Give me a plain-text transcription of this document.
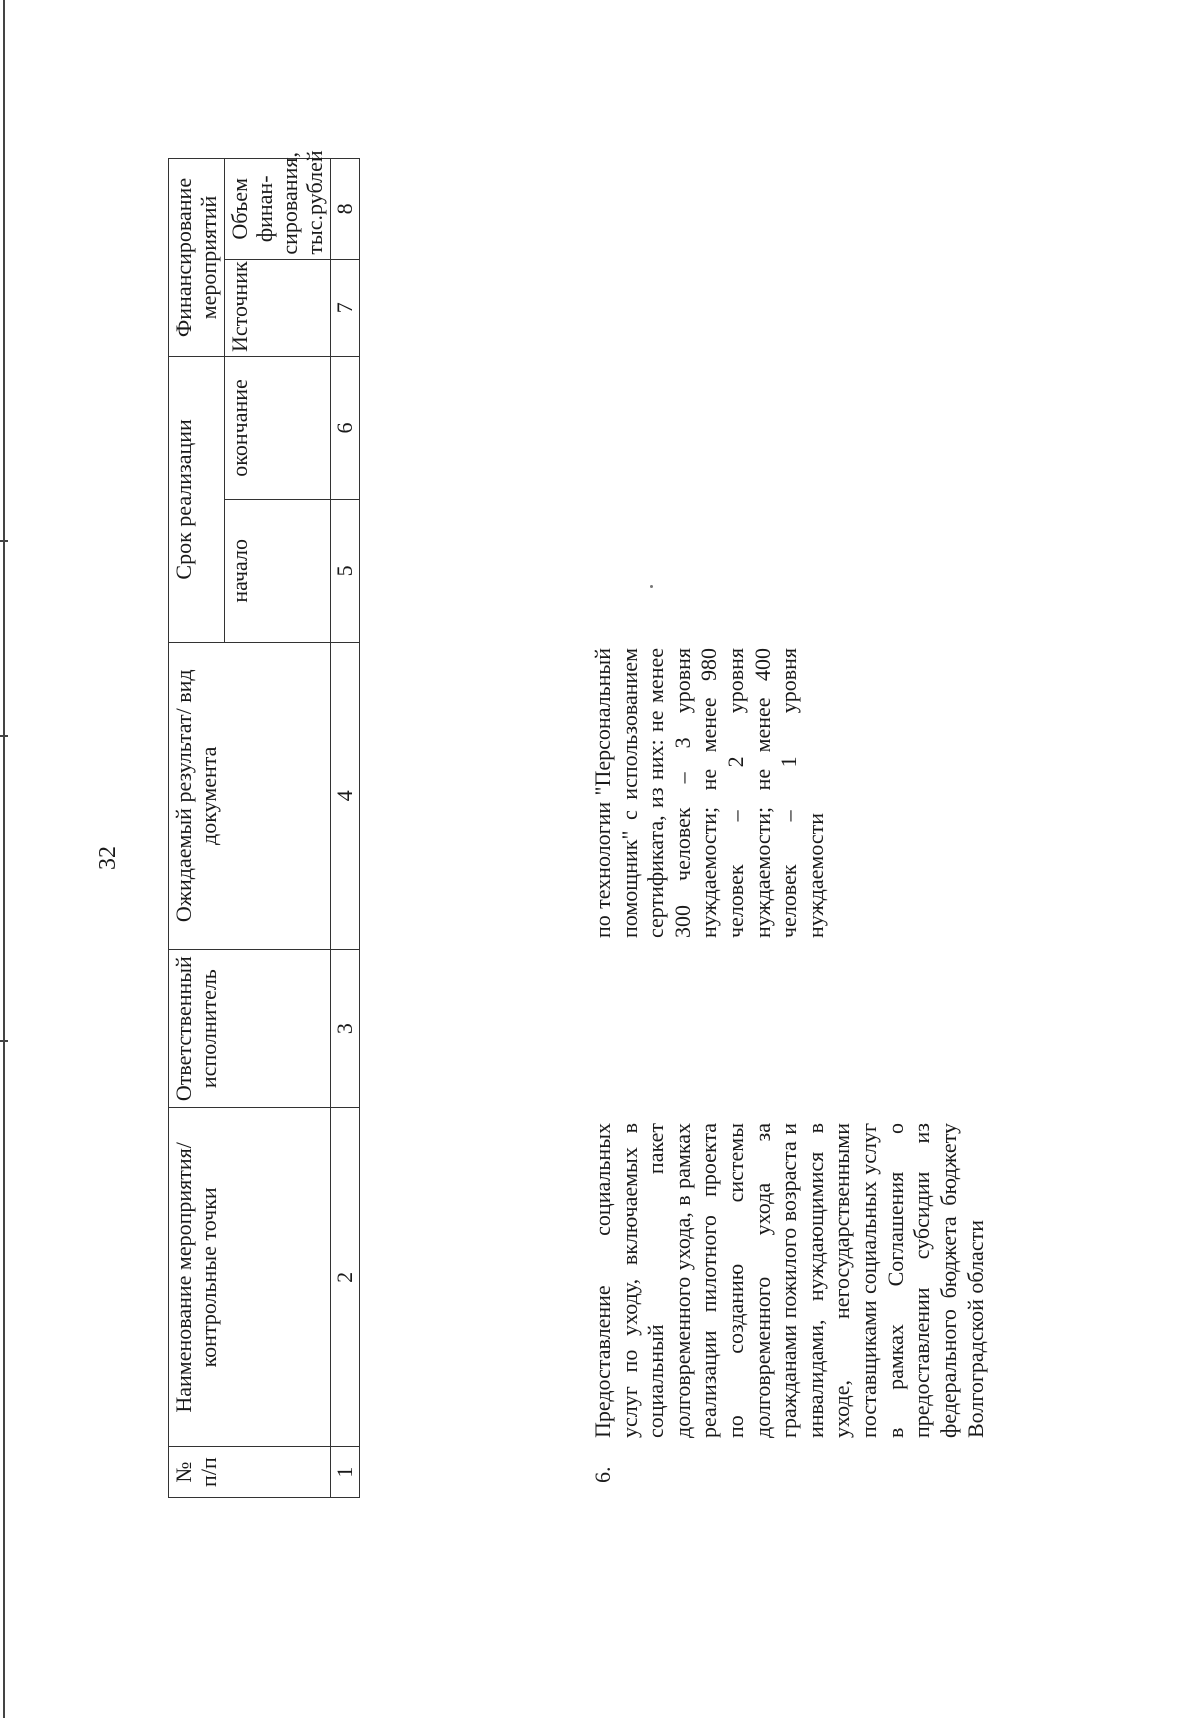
32
№ п/п	Наименование мероприятия/ контрольные точки	Ответственный исполнитель	Ожидаемый результат/ вид документа	Срок реализации		Финансирование мероприятий	
				начало	окончание	Источник	Объем финан- сирования, тыс.рублей
1	2	3	4	5	6	7	8
6.
Предоставление социальных услуг по уходу, включаемых в социальный пакет долговременного ухода, в рамках реализации пилотного проекта по созданию системы долговременного ухода за гражданами пожилого возраста и инвалидами, нуждающимися в уходе, негосударственными поставщиками социальных услуг в рамках Соглашения о предоставлении субсидии из федерального бюджета бюджету Волгоградской области
по технологии "Персональный помощник" с использованием сертификата, из них: не менее 300 человек – 3 уровня нуждаемости; не менее 980 человек – 2 уровня нуждаемости; не менее 400 человек – 1 уровня нуждаемости
